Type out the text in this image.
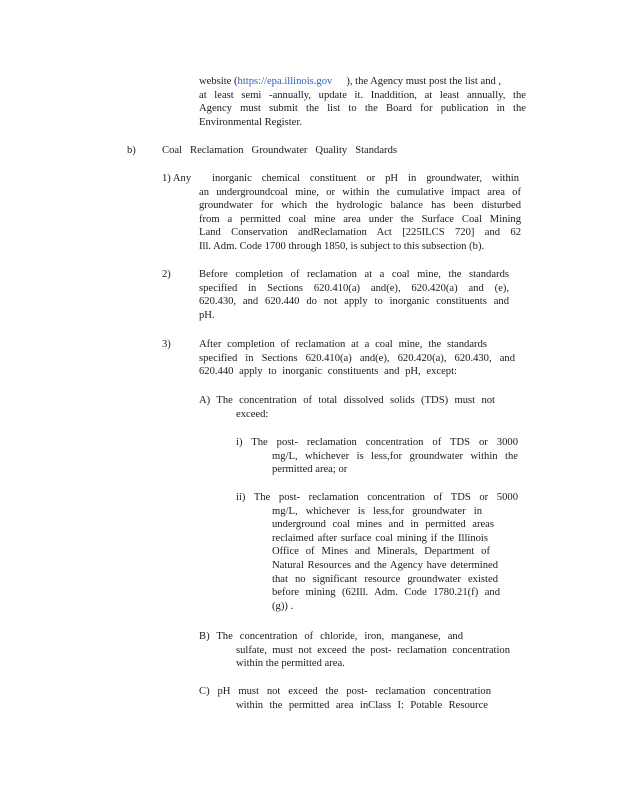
website (https://epa.illinois.gov ), the Agency must post the list and ,

at least semi -annually, update it. Inaddition, at least annually, the

Agency must submit the list to the Board for publication in the

Environmental Register.

b) Coal Reclamation Groundwater Quality Standards

1) Any inorganic chemical constituent or pH in groundwater, within

an undergroundcoal mine, or within the cumulative impact area of

groundwater for which the hydrologic balance has been disturbed

from a permitted coal mine area under the Surface Coal Mining

Land Conservation andReclamation Act [225ILCS 720] and 62

Ill. Adm. Code 1700 through 1850, is subject to this subsection (b).

2)	Before completion of reclamation at a coal mine, the standards

specified in Sections 620.410(a) and(e), 620.420(a) and (e),

620.430, and 620.440 do not apply to inorganic constituents and

pH.

3)	After completion of reclamation at a coal mine, the standards

specified in Sections 620.410(a) and(e), 620.420(a), 620.430, and

620.440 apply to inorganic constituents and pH, except:

A) The concentration of total dissolved solids (TDS) must not

exceed:

i) The post- reclamation concentration of TDS or 3000

mg/L, whichever is less,for groundwater within the

permitted area; or

ii) The post- reclamation concentration of TDS or 5000

mg/L, whichever is less,for groundwater in

underground coal mines and in permitted areas

reclaimed after surface coal mining if the Illinois

Office of Mines and Minerals, Department of

Natural Resources and the Agency have determined

that no significant resource groundwater existed

before mining (62Ill. Adm. Code 1780.21(f) and

(g)) .

B) The concentration of chloride, iron, manganese, and

sulfate, must not exceed the post- reclamation concentration

within the permitted area.

C) pH must not exceed the post- reclamation concentration

within the permitted area inClass I: Potable Resource
